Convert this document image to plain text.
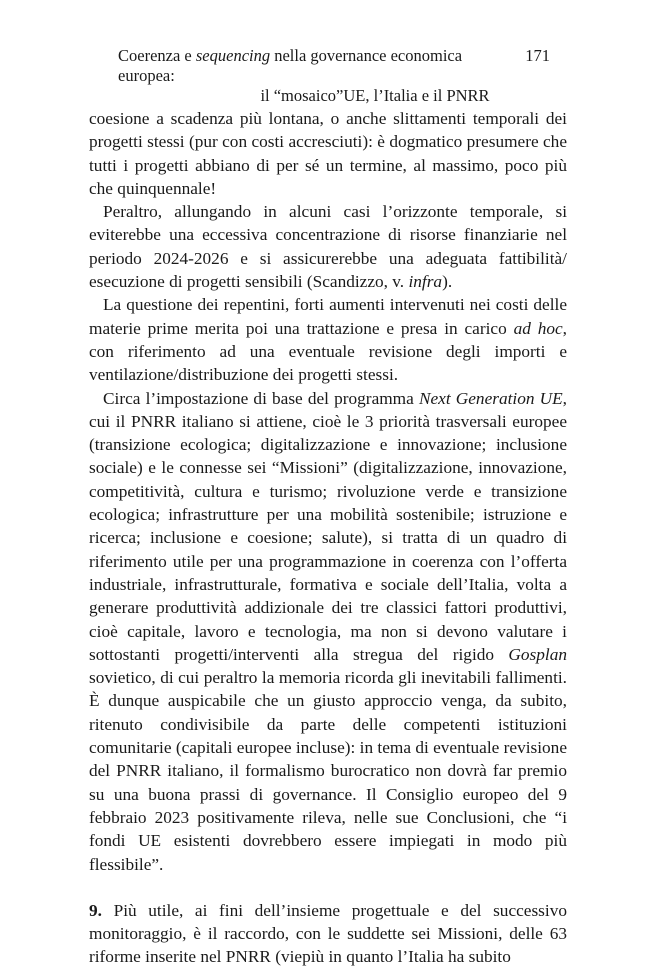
Coerenza e sequencing nella governance economica europea:
171
il “mosaico”UE, l’Italia e il PNRR

coesione a scadenza più lontana, o anche slittamenti temporali dei progetti stessi (pur con costi accresciuti): è dogmatico presumere che tutti i progetti abbiano di per sé un termine, al massimo, poco più che quinquennale!

Peraltro, allungando in alcuni casi l’orizzonte temporale, si eviterebbe una eccessiva concentrazione di risorse finanziarie nel periodo 2024-2026 e si assicurerebbe una adeguata fattibilità/ esecuzione di progetti sensibili (Scandizzo, v. infra).

La questione dei repentini, forti aumenti intervenuti nei costi delle materie prime merita poi una trattazione e presa in carico ad hoc, con riferimento ad una eventuale revisione degli importi e ventilazione/distribuzione dei progetti stessi.

Circa l’impostazione di base del programma Next Generation UE, cui il PNRR italiano si attiene, cioè le 3 priorità trasversali europee (transizione ecologica; digitalizzazione e innovazione; inclusione sociale) e le connesse sei “Missioni” (digitalizzazione, innovazione, competitività, cultura e turismo; rivoluzione verde e transizione ecologica; infrastrutture per una mobilità sostenibile; istruzione e ricerca; inclusione e coesione; salute), si tratta di un quadro di riferimento utile per una programmazione in coerenza con l’offerta industriale, infrastrutturale, formativa e sociale dell’Italia, volta a generare produttività addizionale dei tre classici fattori produttivi, cioè capitale, lavoro e tecnologia, ma non si devono valutare i sottostanti progetti/interventi alla stregua del rigido Gosplan sovietico, di cui peraltro la memoria ricorda gli inevitabili fallimenti. È dunque auspicabile che un giusto approccio venga, da subito, ritenuto condivisibile da parte delle competenti istituzioni comunitarie (capitali europee incluse): in tema di eventuale revisione del PNRR italiano, il formalismo burocratico non dovrà far premio su una buona prassi di governance. Il Consiglio europeo del 9 febbraio 2023 positivamente rileva, nelle sue Conclusioni, che “i fondi UE esistenti dovrebbero essere impiegati in modo più flessibile”.

9. Più utile, ai fini dell’insieme progettuale e del successivo monitoraggio, è il raccordo, con le suddette sei Missioni, delle 63 riforme inserite nel PNRR (viepiù in quanto l’Italia ha subito
